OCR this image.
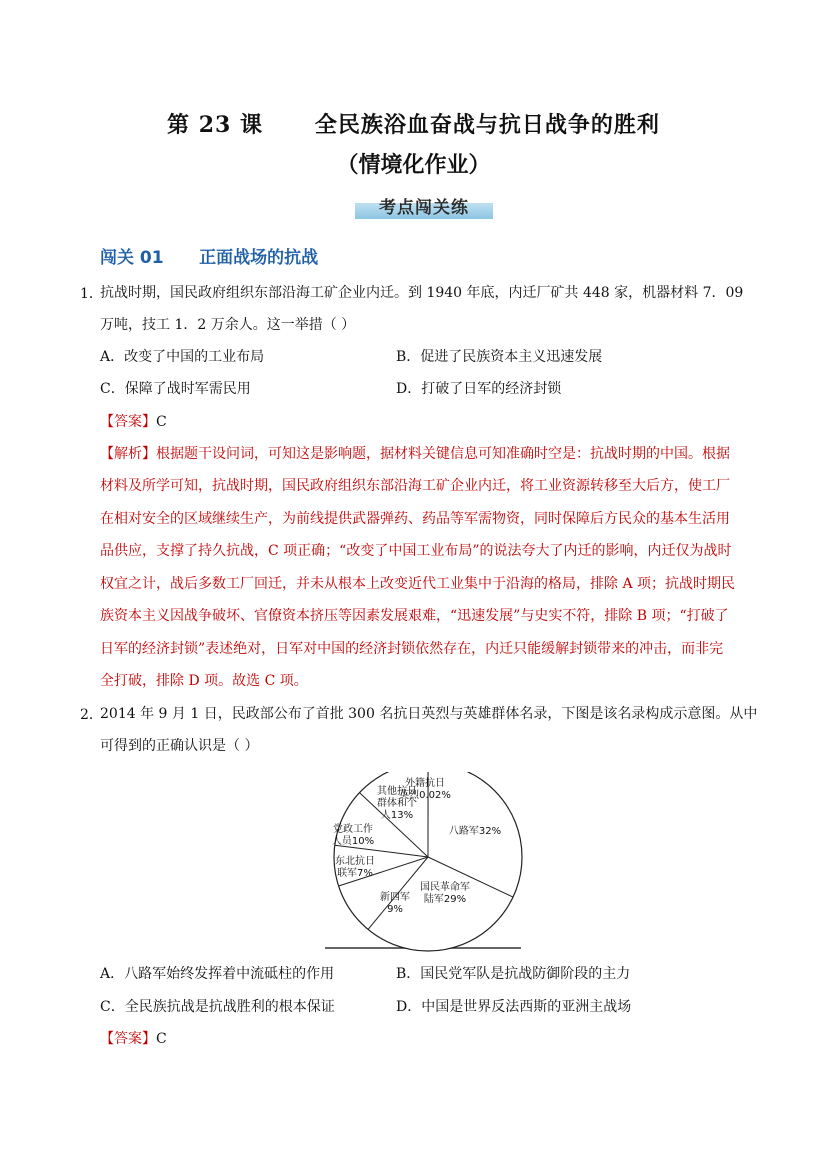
第 23 课      全民族浴血奋战与抗日战争的胜利
（情境化作业）
考点闯关练
闯关 01      正面战场的抗战
1．
抗战时期，国民政府组织东部沿海工矿企业内迁。到 1940 年底，内迁厂矿共 448 家，机器材料 7．09
万吨，技工 1．2 万余人。这一举措（ ）
A．改变了中国的工业布局	B．促进了民族资本主义迅速发展
C．保障了战时军需民用	D．打破了日军的经济封锁
【答案】C
【解析】根据题干设问词，可知这是影响题，据材料关键信息可知准确时空是：抗战时期的中国。根据
材料及所学可知，抗战时期，国民政府组织东部沿海工矿企业内迁，将工业资源转移至大后方，使工厂
在相对安全的区域继续生产，为前线提供武器弹药、药品等军需物资，同时保障后方民众的基本生活用
品供应，支撑了持久抗战，C 项正确；“改变了中国工业布局”的说法夸大了内迁的影响，内迁仅为战时
权宜之计，战后多数工厂回迁，并未从根本上改变近代工业集中于沿海的格局，排除 A 项；抗战时期民
族资本主义因战争破坏、官僚资本挤压等因素发展艰难，“迅速发展”与史实不符，排除 B 项；“打破了
日军的经济封锁”表述绝对，日军对中国的经济封锁依然存在，内迁只能缓解封锁带来的冲击，而非完
全打破，排除 D 项。故选 C 项。
2．
2014 年 9 月 1 日，民政部公布了首批 300 名抗日英烈与英雄群体名录，下图是该名录构成示意图。从中
可得到的正确认识是（ ）
外籍抗日英烈0.02%
八路军32%
国民革命军陆军29%
新四军 9%
东北抗日联军7%
党政工作人员10%
其他抗日群体和个人13%
A．八路军始终发挥着中流砥柱的作用	B．国民党军队是抗战防御阶段的主力
C．全民族抗战是抗战胜利的根本保证	D．中国是世界反法西斯的亚洲主战场
【答案】C
